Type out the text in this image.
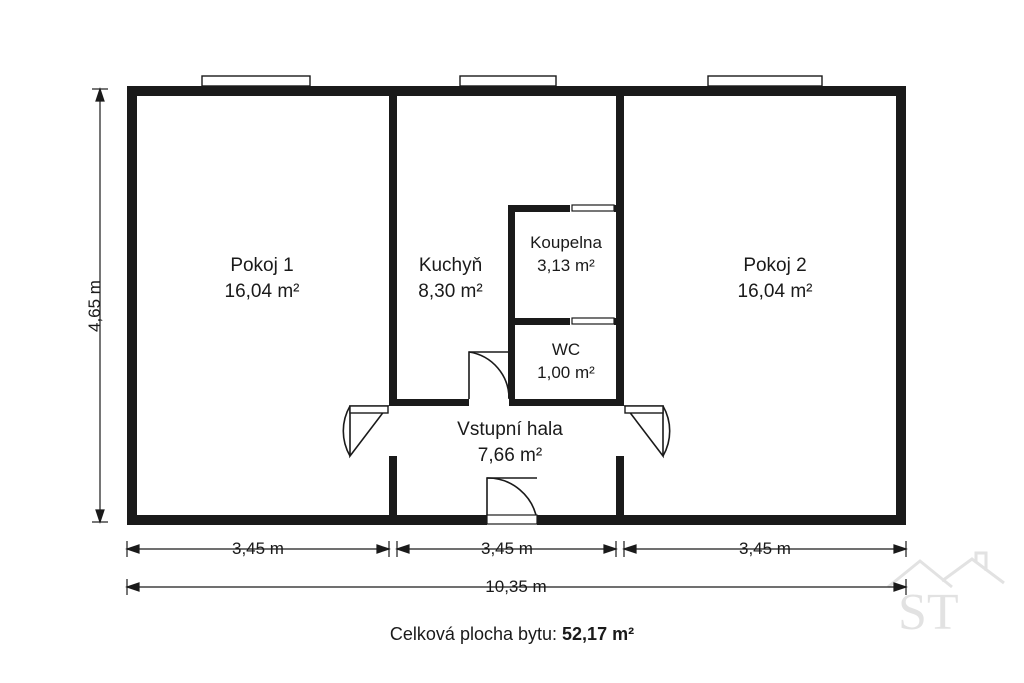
Pokoj 1
16,04 m²
Kuchyň
8,30 m²
Koupelna
3,13 m²
WC
1,00 m²
Vstupní hala
7,66 m²
Pokoj 2
16,04 m²
4,65 m
3,45 m	3,45 m	3,45 m
10,35 m
Celková plocha bytu: 52,17 m²	ST
